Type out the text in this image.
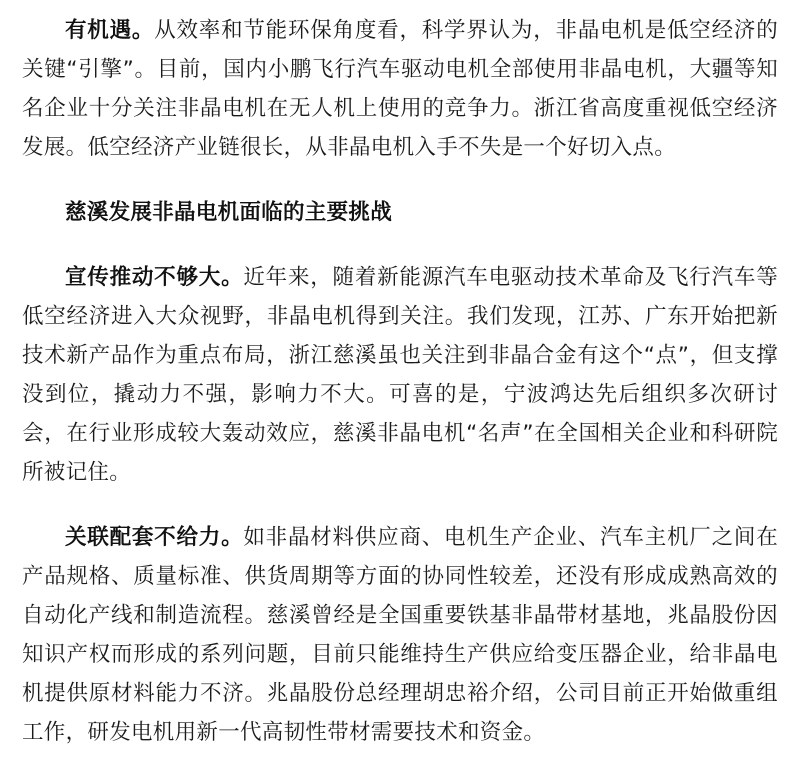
有机遇。从效率和节能环保角度看，科学界认为，非晶电机是低空经济的关键“引擎”。目前，国内小鹏飞行汽车驱动电机全部使用非晶电机，大疆等知名企业十分关注非晶电机在无人机上使用的竞争力。浙江省高度重视低空经济发展。低空经济产业链很长，从非晶电机入手不失是一个好切入点。

慈溪发展非晶电机面临的主要挑战

宣传推动不够大。近年来，随着新能源汽车电驱动技术革命及飞行汽车等低空经济进入大众视野，非晶电机得到关注。我们发现，江苏、广东开始把新技术新产品作为重点布局，浙江慈溪虽也关注到非晶合金有这个“点”，但支撑没到位，撬动力不强，影响力不大。可喜的是，宁波鸿达先后组织多次研讨会，在行业形成较大轰动效应，慈溪非晶电机“名声”在全国相关企业和科研院所被记住。

关联配套不给力。如非晶材料供应商、电机生产企业、汽车主机厂之间在产品规格、质量标准、供货周期等方面的协同性较差，还没有形成成熟高效的自动化产线和制造流程。慈溪曾经是全国重要铁基非晶带材基地，兆晶股份因知识产权而形成的系列问题，目前只能维持生产供应给变压器企业，给非晶电机提供原材料能力不济。兆晶股份总经理胡忠裕介绍，公司目前正开始做重组工作，研发电机用新一代高韧性带材需要技术和资金。
